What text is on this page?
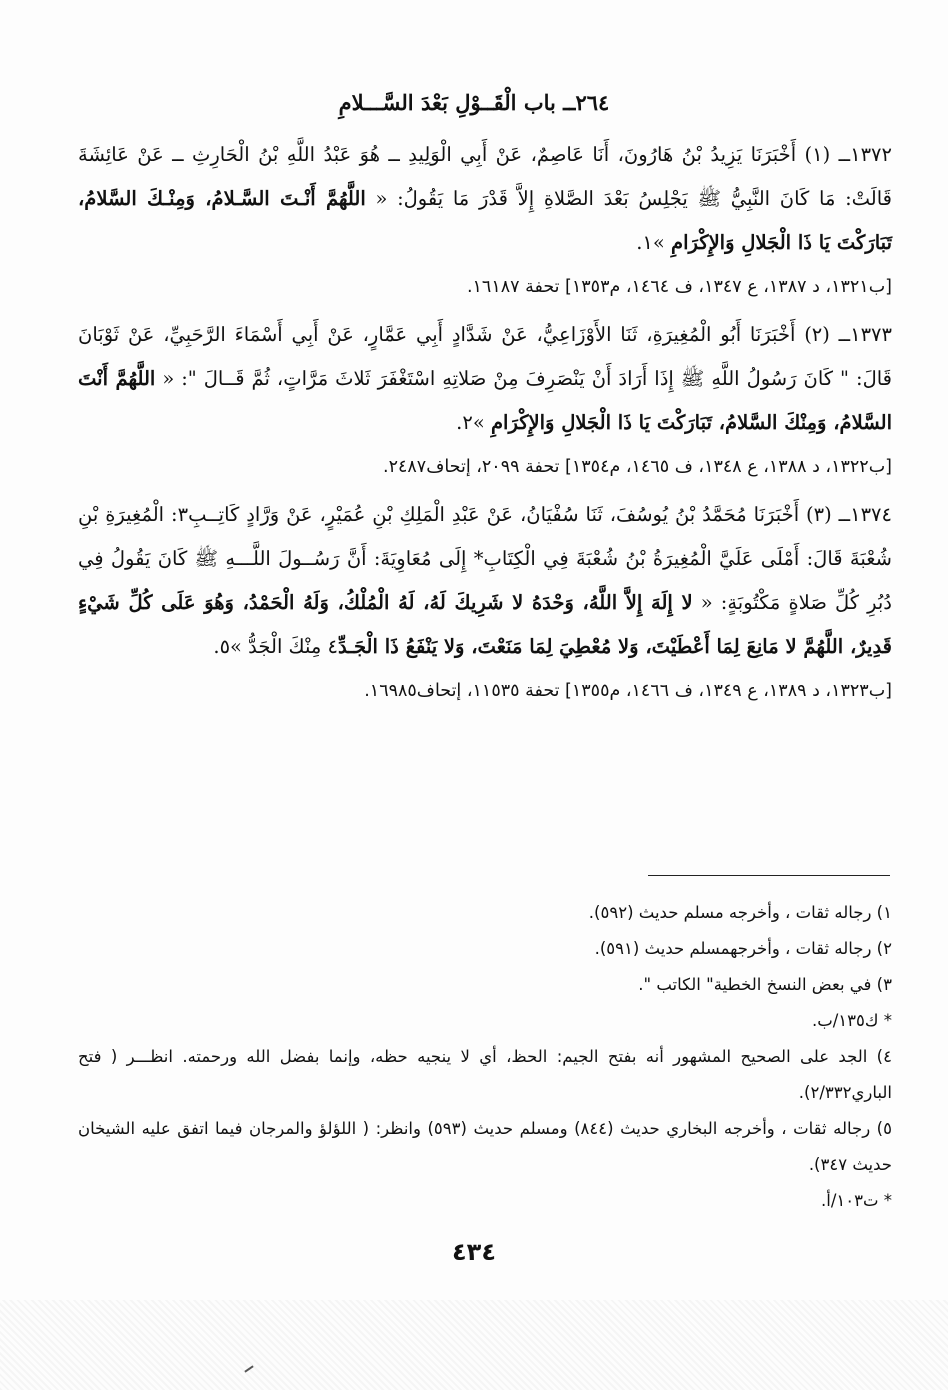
٢٦٤ــ باب الْقَــوْلِ بَعْدَ السَّـــلامِ

١٣٧٢ــ (١) أَخْبَرَنَا يَزِيدُ بْنُ هَارُونَ، أَنَا عَاصِمٌ، عَنْ أَبِي الْوَلِيدِ ــ هُوَ عَبْدُ اللَّهِ بْنُ الْحَارِثِ ــ عَنْ عَائِشَةَ قَالَتْ: مَا كَانَ النَّبِيُّ ﷺ يَجْلِسُ بَعْدَ الصَّلاةِ إِلاَّ قَدْرَ مَا يَقُولُ: « اللَّهُمَّ أَنْـتَ السَّـلامُ، وَمِنْـكَ السَّلامُ، تَبَارَكْتَ يَا ذَا الْجَلالِ وَالإِكْرَامِ »١.

[ب١٣٢١، د ١٣٨٧، ع ١٣٤٧، ف ١٤٦٤، م١٣٥٣] تحفة ١٦١٨٧.

١٣٧٣ــ (٢) أَخْبَرَنَا أَبُو الْمُغِيرَةِ، ثَنَا الأَوْزَاعِيُّ، عَنْ شَدَّادٍ أَبِي عَمَّارٍ، عَنْ أَبِي أَسْمَاءَ الرَّحَبِيِّ، عَنْ ثَوْبَانَ قَالَ: " كَانَ رَسُولُ اللَّهِ ﷺ إِذَا أَرَادَ أَنْ يَنْصَرِفَ مِنْ صَلاتِهِ اسْتَغْفَرَ ثَلاثَ مَرَّاتٍ، ثُمَّ قَــالَ ": « اللَّهُمَّ أَنْتَ السَّلامُ، وَمِنْكَ السَّلامُ، تَبَارَكْتَ يَا ذَا الْجَلالِ وَالإِكْرَامِ »٢.

[ب١٣٢٢، د ١٣٨٨، ع ١٣٤٨، ف ١٤٦٥، م١٣٥٤] تحفة ٢٠٩٩، إتحاف٢٤٨٧.

١٣٧٤ــ (٣) أَخْبَرَنَا مُحَمَّدُ بْنُ يُوسُفَ، ثَنَا سُفْيَانُ، عَنْ عَبْدِ الْمَلِكِ بْنِ عُمَيْرٍ، عَنْ وَرَّادٍ كَاتِــبِ٣: الْمُغِيرَةِ بْنِ شُعْبَةَ قَالَ: أَمْلَى عَلَيَّ الْمُغِيرَةُ بْنُ شُعْبَةَ فِي الْكِتَابِ* إِلَى مُعَاوِيَةَ: أَنَّ رَسُــولَ اللَّـــهِ ﷺ كَانَ يَقُولُ فِي دُبُرِ كُلِّ صَلاةٍ مَكْتُوبَةٍ: « لا إِلَهَ إِلاَّ اللَّهُ، وَحْدَهُ لا شَرِيكَ لَهُ، لَهُ الْمُلْكُ، وَلَهُ الْحَمْدُ، وَهُوَ عَلَى كُلِّ شَيْءٍ قَدِيرٌ، اللَّهُمَّ لا مَانِعَ لِمَا أَعْطَيْتَ، وَلا مُعْطِيَ لِمَا مَنَعْتَ، وَلا يَنْفَعُ ذَا الْجَـدِّ٤ مِنْكَ الْجَدُّ »٥.

[ب١٣٢٣، د ١٣٨٩، ع ١٣٤٩، ف ١٤٦٦، م١٣٥٥] تحفة ١١٥٣٥، إتحاف١٦٩٨٥.

١) رجاله ثقات ، وأخرجه مسلم حديث (٥٩٢).

٢) رجاله ثقات ، وأخرجهمسلم حديث (٥٩١).

٣) في بعض النسخ الخطية" الكاتب ".

* ك١٣٥/ب.

٤) الجد على الصحيح المشهور أنه بفتح الجيم: الحظ، أي لا ينجيه حظه، وإنما بفضل الله ورحمته. انظـــر ( فتح الباري٢/٣٣٢).

٥) رجاله ثقات ، وأخرجه البخاري حديث (٨٤٤) ومسلم حديث (٥٩٣) وانظر: ( اللؤلؤ والمرجان فيما اتفق عليه الشيخان حديث ٣٤٧).

* ت١٠٣/أ.

٤٣٤
